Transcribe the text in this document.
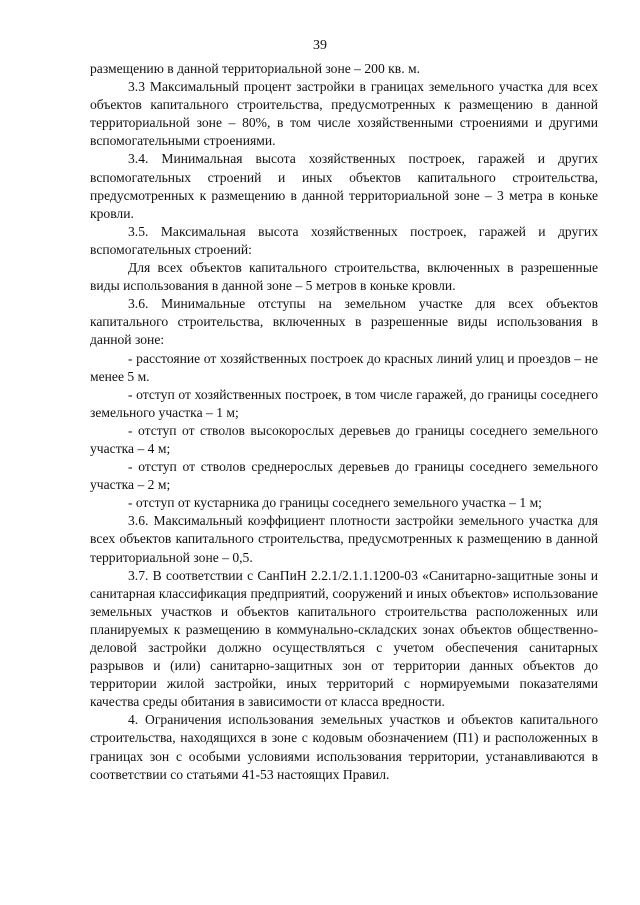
39

размещению в данной территориальной зоне – 200 кв. м.

3.3 Максимальный процент застройки в границах земельного участка для всех объектов капитального строительства, предусмотренных к размещению в данной территориальной зоне – 80%, в том числе хозяйственными строениями и другими вспомогательными строениями.

3.4. Минимальная высота хозяйственных построек, гаражей и других вспомогательных строений и иных объектов капитального строительства, предусмотренных к размещению в данной территориальной зоне – 3 метра в коньке кровли.

3.5. Максимальная высота хозяйственных построек, гаражей и других вспомогательных строений:

Для всех объектов капитального строительства, включенных в разрешенные виды использования в данной зоне – 5 метров в коньке кровли.

3.6. Минимальные отступы на земельном участке для всех объектов капитального строительства, включенных в разрешенные виды использования в данной зоне:

- расстояние от хозяйственных построек до красных линий улиц и проездов – не менее 5 м.

- отступ от хозяйственных построек, в том числе гаражей, до границы соседнего земельного участка – 1 м;

- отступ от стволов высокорослых деревьев до границы соседнего земельного участка – 4 м;

- отступ от стволов среднерослых деревьев до границы соседнего земельного участка – 2 м;

- отступ от кустарника до границы соседнего земельного участка – 1 м;

3.6. Максимальный коэффициент плотности застройки земельного участка для всех объектов капитального строительства, предусмотренных к размещению в данной территориальной зоне – 0,5.

3.7. В соответствии с СанПиН 2.2.1/2.1.1.1200-03 «Санитарно-защитные зоны и санитарная классификация предприятий, сооружений и иных объектов» использование земельных участков и объектов капитального строительства расположенных или планируемых к размещению в коммунально-складских зонах объектов общественно-деловой застройки должно осуществляться с учетом обеспечения санитарных разрывов и (или) санитарно-защитных зон от территории данных объектов до территории жилой застройки, иных территорий с нормируемыми показателями качества среды обитания в зависимости от класса вредности.

4. Ограничения использования земельных участков и объектов капитального строительства, находящихся в зоне с кодовым обозначением (П1) и расположенных в границах зон с особыми условиями использования территории, устанавливаются в соответствии со статьями 41-53 настоящих Правил.
